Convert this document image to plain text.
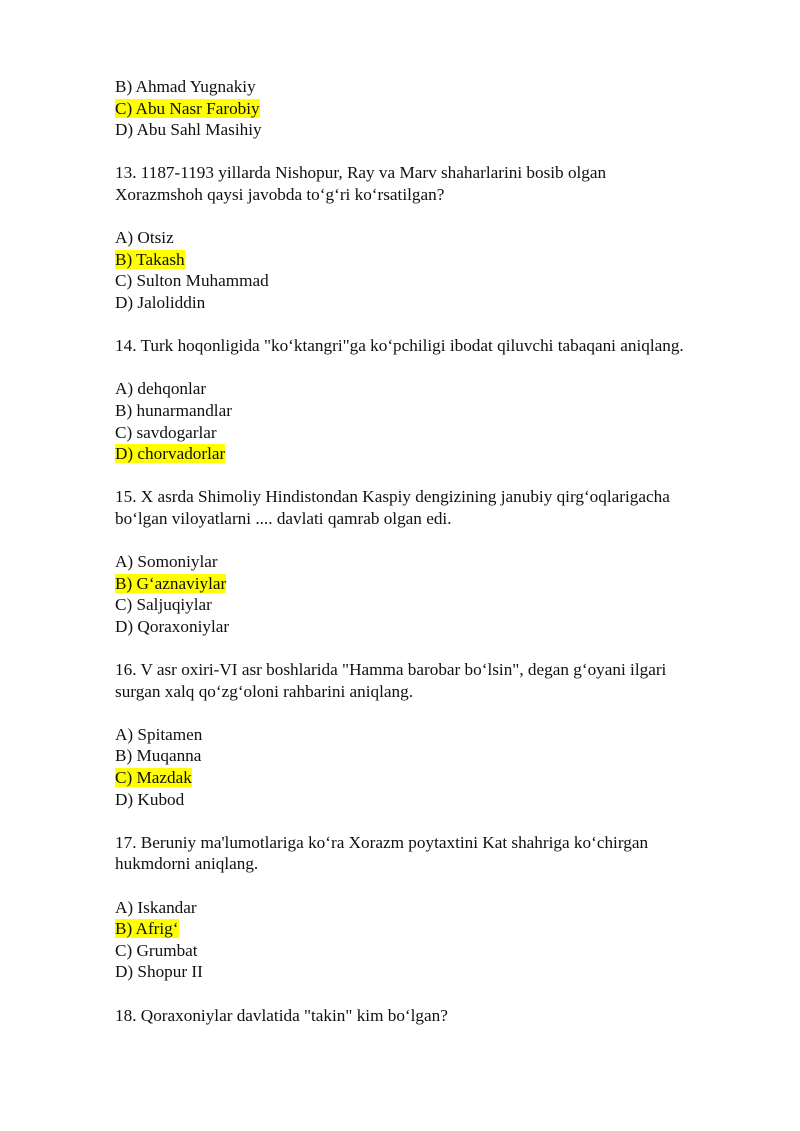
B) Ahmad Yugnakiy
C) Abu Nasr Farobiy
D) Abu Sahl Masihiy
13. 1187-1193 yillarda Nishopur, Ray va Marv shaharlarini bosib olgan
Xorazmshoh qaysi javobda to‘g‘ri ko‘rsatilgan?
A) Otsiz
B) Takash
C) Sulton Muhammad
D) Jaloliddin
14. Turk hoqonligida "ko‘ktangri"ga ko‘pchiligi ibodat qiluvchi tabaqani aniqlang.
A) dehqonlar
B) hunarmandlar
C) savdogarlar
D) chorvadorlar
15. X asrda Shimoliy Hindistondan Kaspiy dengizining janubiy qirg‘oqlarigacha
bo‘lgan viloyatlarni .... davlati qamrab olgan edi.
A) Somoniylar
B) G‘aznaviylar
C) Saljuqiylar
D) Qoraxoniylar
16. V asr oxiri-VI asr boshlarida "Hamma barobar bo‘lsin", degan g‘oyani ilgari
surgan xalq qo‘zg‘oloni rahbarini aniqlang.
A) Spitamen
B) Muqanna
C) Mazdak
D) Kubod
17. Beruniy ma'lumotlariga ko‘ra Xorazm poytaxtini Kat shahriga ko‘chirgan
hukmdorni aniqlang.
A) Iskandar
B) Afrig‘
C) Grumbat
D) Shopur II
18. Qoraxoniylar davlatida "takin" kim bo‘lgan?
